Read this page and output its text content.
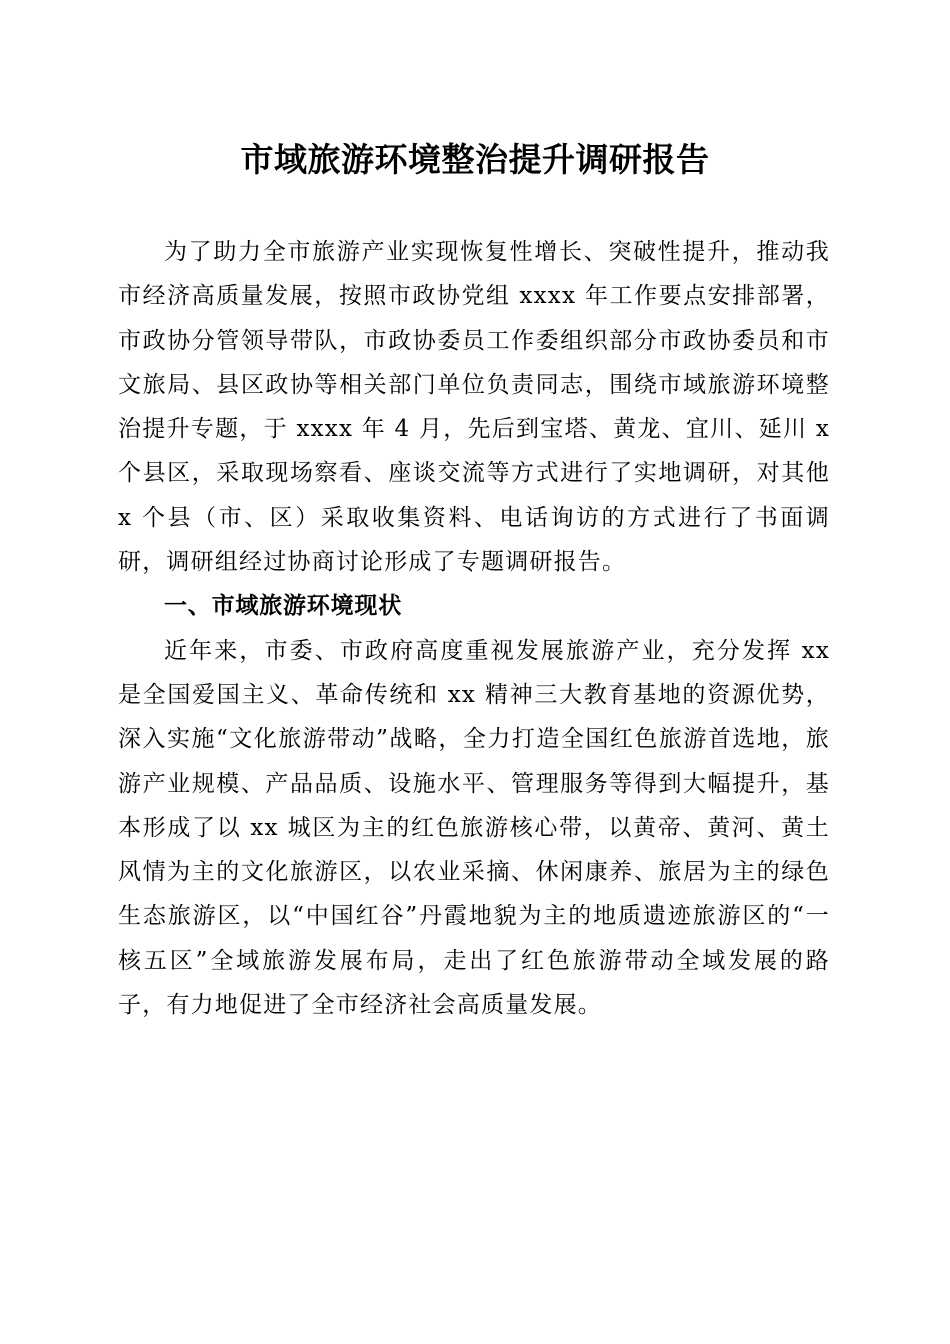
市域旅游环境整治提升调研报告

为了助力全市旅游产业实现恢复性增长、突破性提升，推动我市经济高质量发展，按照市政协党组 xxxx 年工作要点安排部署，市政协分管领导带队，市政协委员工作委组织部分市政协委员和市文旅局、县区政协等相关部门单位负责同志，围绕市域旅游环境整治提升专题，于 xxxx 年 4 月，先后到宝塔、黄龙、宜川、延川 x 个县区，采取现场察看、座谈交流等方式进行了实地调研，对其他 x 个县（市、区）采取收集资料、电话询访的方式进行了书面调研，调研组经过协商讨论形成了专题调研报告。

一、市域旅游环境现状

近年来，市委、市政府高度重视发展旅游产业，充分发挥 xx 是全国爱国主义、革命传统和 xx 精神三大教育基地的资源优势，深入实施“文化旅游带动”战略，全力打造全国红色旅游首选地，旅游产业规模、产品品质、设施水平、管理服务等得到大幅提升，基本形成了以 xx 城区为主的红色旅游核心带，以黄帝、黄河、黄土风情为主的文化旅游区，以农业采摘、休闲康养、旅居为主的绿色生态旅游区，以“中国红谷”丹霞地貌为主的地质遗迹旅游区的“一核五区”全域旅游发展布局，走出了红色旅游带动全域发展的路子，有力地促进了全市经济社会高质量发展。
